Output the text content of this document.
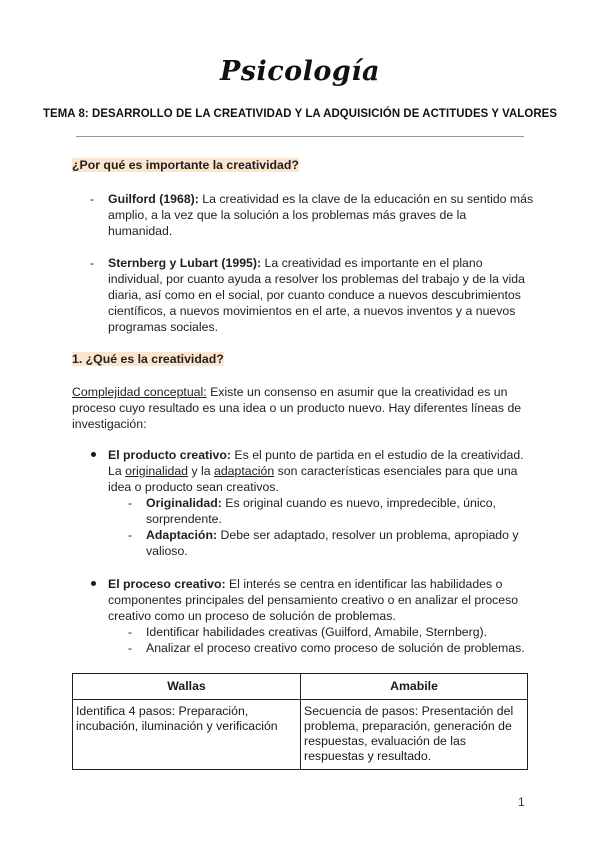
Psicología
TEMA 8: DESARROLLO DE LA CREATIVIDAD Y LA ADQUISICIÓN DE ACTITUDES Y VALORES
¿Por qué es importante la creatividad?
- Guilford (1968): La creatividad es la clave de la educación en su sentido más
amplio, a la vez que la solución a los problemas más graves de la
humanidad.
- Sternberg y Lubart (1995): La creatividad es importante en el plano
individual, por cuanto ayuda a resolver los problemas del trabajo y de la vida
diaria, así como en el social, por cuanto conduce a nuevos descubrimientos
científicos, a nuevos movimientos en el arte, a nuevos inventos y a nuevos
programas sociales.
1. ¿Qué es la creatividad?
Complejidad conceptual: Existe un consenso en asumir que la creatividad es un
proceso cuyo resultado es una idea o un producto nuevo. Hay diferentes líneas de
investigación:
El producto creativo: Es el punto de partida en el estudio de la creatividad.
La originalidad y la adaptación son características esenciales para que una
idea o producto sean creativos.
- Originalidad: Es original cuando es nuevo, impredecible, único,
sorprendente.
- Adaptación: Debe ser adaptado, resolver un problema, apropiado y
valioso.
El proceso creativo: El interés se centra en identificar las habilidades o
componentes principales del pensamiento creativo o en analizar el proceso
creativo como un proceso de solución de problemas.
- Identificar habilidades creativas (Guilford, Amabile, Sternberg).
- Analizar el proceso creativo como proceso de solución de problemas.
Wallas	Amabile
Identifica 4 pasos: Preparación,
incubación, iluminación y verificación	Secuencia de pasos: Presentación del
problema, preparación, generación de
respuestas, evaluación de las
respuestas y resultado.
1
